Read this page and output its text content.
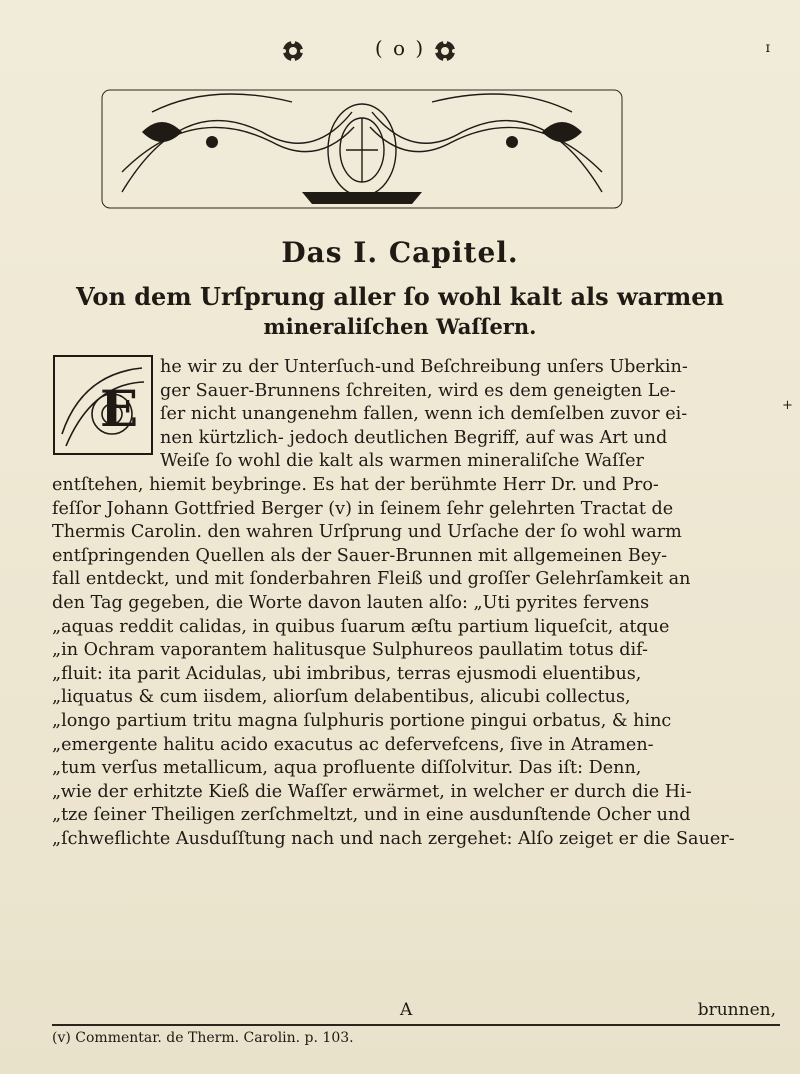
( o )	ɪ
Das I. Capitel.
Von dem Urſprung aller ſo wohl kalt als warmen
mineraliſchen Waſſern.
E
he wir zu der Unterſuch-und Beſchreibung unſers Uberkin-
ger Sauer-Brunnens ſchreiten, wird es dem geneigten Le-
ſer nicht unangenehm fallen, wenn ich demſelben zuvor ei-
nen kürtzlich- jedoch deutlichen Begriff, auf was Art und
Weiſe ſo wohl die kalt als warmen mineraliſche Waſſer
entſtehen, hiemit beybringe. Es hat der berühmte Herr Dr. und Pro-
feſſor Johann Gottfried Berger (v) in ſeinem ſehr gelehrten Tractat de
Thermis Carolin. den wahren Urſprung und Urſache der ſo wohl warm
entſpringenden Quellen als der Sauer-Brunnen mit allgemeinen Bey-
fall entdeckt, und mit ſonderbahren Fleiß und groſſer Gelehrſamkeit an
den Tag gegeben, die Worte davon lauten alſo: „Uti pyrites fervens
„aquas reddit calidas, in quibus ſuarum æſtu partium liqueſcit, atque
„in Ochram vaporantem halitusque Sulphureos paullatim totus dif-
„fluit: ita parit Acidulas, ubi imbribus, terras ejusmodi eluentibus,
„liquatus & cum iisdem, aliorſum delabentibus, alicubi collectus,
„longo partium tritu magna ſulphuris portione pingui orbatus, & hinc
„emergente halitu acido exacutus ac defervefcens, ſive in Atramen-
„tum verſus metallicum, aqua profluente diſſolvitur. Das iſt: Denn,
„wie der erhitzte Kieß die Waſſer erwärmet, in welcher er durch die Hi-
„tze ſeiner Theiligen zerſchmeltzt, und in eine ausdunſtende Ocher und
„ſchweflichte Ausduſſtung nach und nach zergehet: Alſo zeiget er die Sauer-
A	brunnen,
(v) Commentar. de Therm. Carolin. p. 103.
+
